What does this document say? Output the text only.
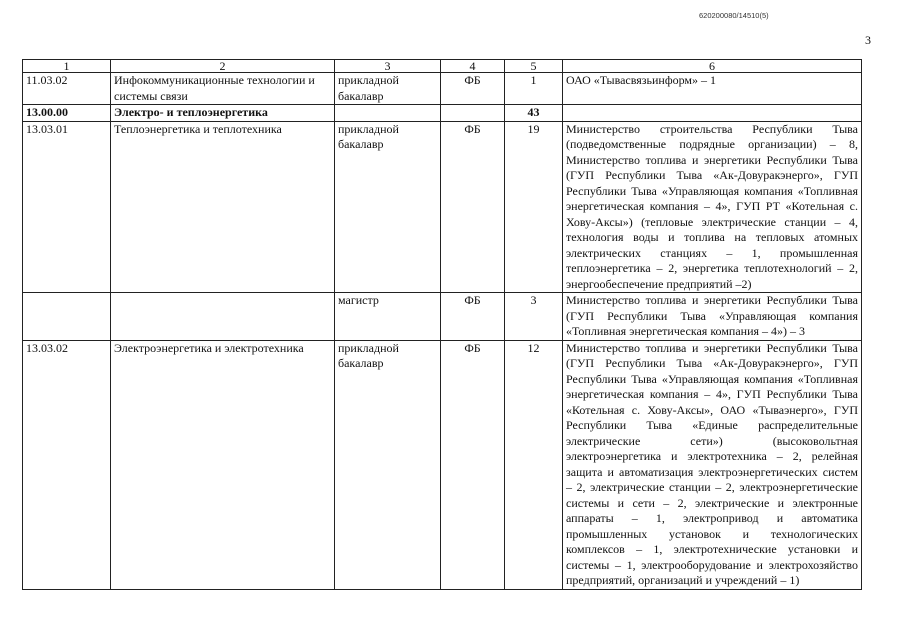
620200080/14510(5)
3
1	2	3	4	5	6
11.03.02	Инфокоммуникационные технологии и системы связи	прикладной бакалавр	ФБ	1	ОАО «Тывасвязьинформ» – 1
13.00.00	Электро- и теплоэнергетика			43	
13.03.01	Теплоэнергетика и теплотехника	прикладной бакалавр	ФБ	19	Министерство строительства Республики Тыва (подведомственные подрядные организации) – 8, Министерство топлива и энергетики Республики Тыва (ГУП Республики Тыва «Ак-Довуракэнерго», ГУП Республики Тыва «Управляющая компания «Топливная энергетическая компания – 4», ГУП РТ «Котельная с. Хову-Аксы») (тепловые электрические станции – 4, технология воды и топлива на тепловых атомных электрических станциях – 1, промышленная теплоэнергетика – 2, энергетика теплотехнологий – 2, энергообеспечение предприятий –2)
		магистр	ФБ	3	Министерство топлива и энергетики Республики Тыва (ГУП Республики Тыва «Управляющая компания «Топливная энергетическая компания – 4») – 3
13.03.02	Электроэнергетика и электротехника	прикладной бакалавр	ФБ	12	Министерство топлива и энергетики Республики Тыва (ГУП Республики Тыва «Ак-Довуракэнерго», ГУП Республики Тыва «Управляющая компания «Топливная энергетическая компания – 4», ГУП Республики Тыва «Котельная с. Хову-Аксы», ОАО «Тываэнерго», ГУП Республики Тыва «Единые распределительные электрические сети») (высоковольтная электроэнергетика и электротехника – 2, релейная защита и автоматизация электроэнергетических систем – 2, электрические станции – 2, электроэнергетические системы и сети – 2, электрические и электронные аппараты – 1, электропривод и автоматика промышленных установок и технологических комплексов – 1, электротехнические установки и системы – 1, электрооборудование и электрохозяйство предприятий, организаций и учреждений – 1)
